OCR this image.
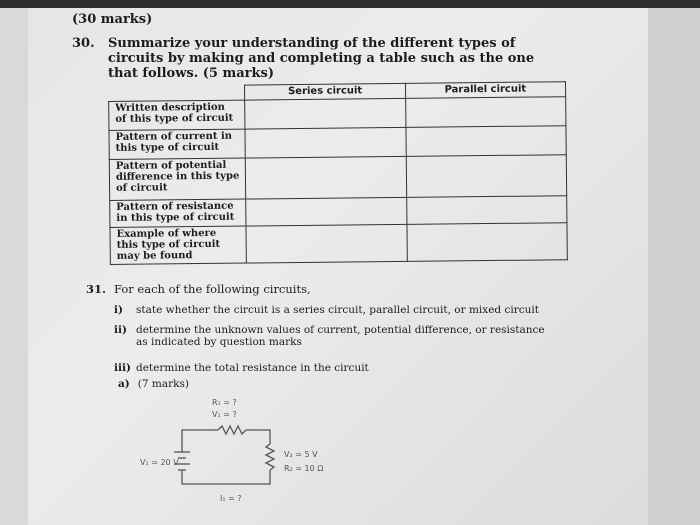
(30 marks)
30. Summarize your understanding of the different types of circuits by making and completing a table such as the one that follows. (5 marks)
	Series circuit	Parallel circuit
Written description of this type of circuit		
Pattern of current in this type of circuit		
Pattern of potential difference in this type of circuit		
Pattern of resistance in this type of circuit		
Example of where this type of circuit may be found		
31. For each of the following circuits,
i) state whether the circuit is a series circuit, parallel circuit, or mixed circuit
ii) determine the unknown values of current, potential difference, or resistance
as indicated by question marks
iii) determine the total resistance in the circuit
a) (7 marks)
R₁ = ?
V₁ = ?
V₁ = 20 V
V₂ = 5 V
R₂ = 10 Ω
I₁ = ?
